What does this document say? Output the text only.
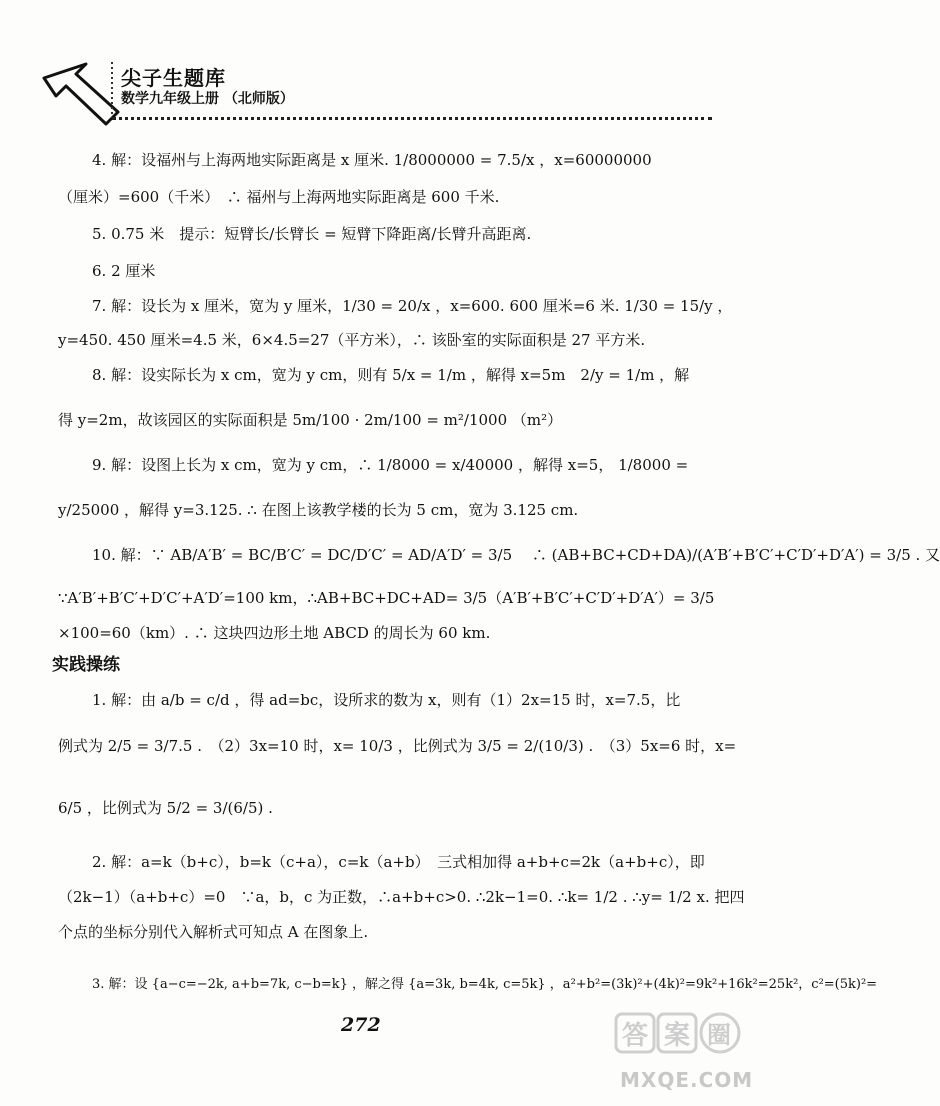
尖子生题库
数学九年级上册 （北师版）
4. 解：设福州与上海两地实际距离是 x 厘米. 1/8000000 = 7.5/x ，x=60000000
（厘米）=600（千米）　∴ 福州与上海两地实际距离是 600 千米.
5. 0.75 米　提示：短臂长/长臂长 = 短臂下降距离/长臂升高距离.
6. 2 厘米
7. 解：设长为 x 厘米，宽为 y 厘米，1/30 = 20/x ，x=600. 600 厘米=6 米. 1/30 = 15/y ，
y=450. 450 厘米=4.5 米，6×4.5=27（平方米），∴ 该卧室的实际面积是 27 平方米.
8. 解：设实际长为 x cm，宽为 y cm，则有 5/x = 1/m ，解得 x=5m　2/y = 1/m ，解
得 y=2m，故该园区的实际面积是 5m/100 · 2m/100 = m²/1000 （m²）
9. 解：设图上长为 x cm，宽为 y cm，∴ 1/8000 = x/40000 ，解得 x=5， 1/8000 =
y/25000 ，解得 y=3.125. ∴ 在图上该教学楼的长为 5 cm，宽为 3.125 cm.
10. 解：∵ AB/A′B′ = BC/B′C′ = DC/D′C′ = AD/A′D′ = 3/5 　∴ (AB+BC+CD+DA)/(A′B′+B′C′+C′D′+D′A′) = 3/5 . 又
∵A′B′+B′C′+D′C′+A′D′=100 km，∴AB+BC+DC+AD= 3/5（A′B′+B′C′+C′D′+D′A′）= 3/5
×100=60（km）. ∴ 这块四边形土地 ABCD 的周长为 60 km.
实践操练
1. 解：由 a/b = c/d ，得 ad=bc，设所求的数为 x，则有（1）2x=15 时，x=7.5，比
例式为 2/5 = 3/7.5 .　（2）3x=10 时，x= 10/3 ，比例式为 3/5 = 2/(10/3) .　（3）5x=6 时，x=
6/5 ，比例式为 5/2 = 3/(6/5) .
2. 解：a=k（b+c），b=k（c+a），c=k（a+b）　三式相加得 a+b+c=2k（a+b+c），即
（2k−1）（a+b+c）=0　∵a，b，c 为正数，∴a+b+c>0. ∴2k−1=0. ∴k= 1/2 . ∴y= 1/2 x. 把四
个点的坐标分别代入解析式可知点 A 在图象上.
3. 解：设 {a−c=−2k, a+b=7k, c−b=k} ，解之得 {a=3k, b=4k, c=5k} ，a²+b²=(3k)²+(4k)²=9k²+16k²=25k²，c²=(5k)²=
272	答 案 圈
MXQE.COM
